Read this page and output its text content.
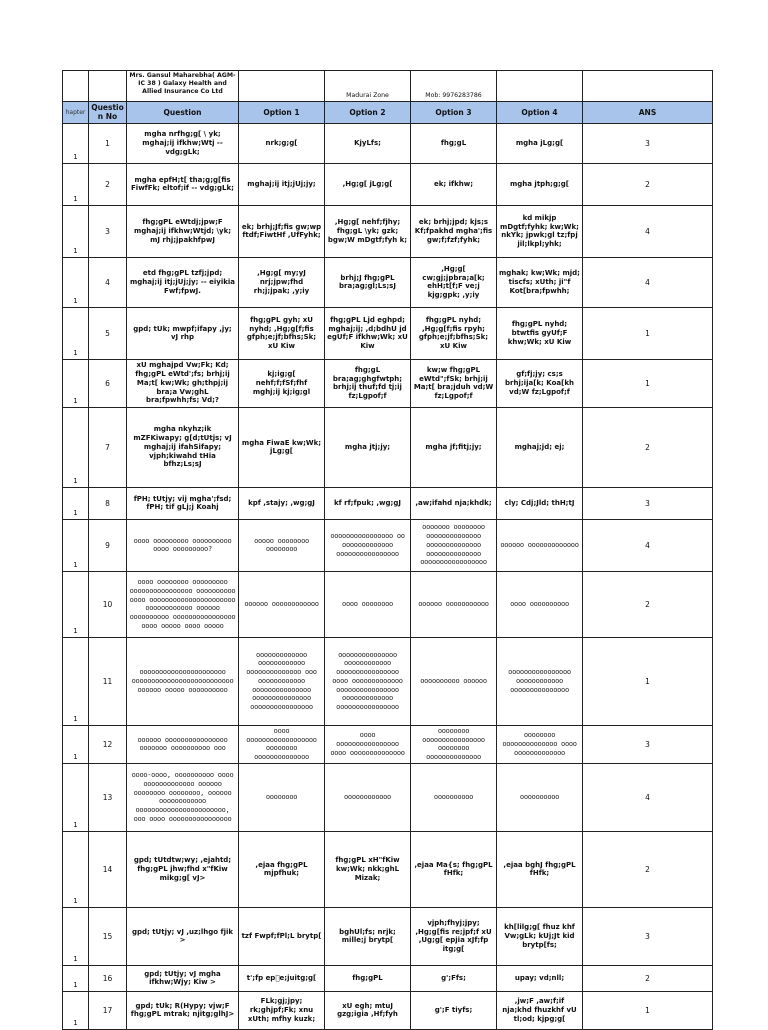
		Mrs. Gansul Maharebha( AGM-IC 38 ) Galaxy Health and Allied Insurance Co Ltd		Madurai Zone	Mob: 9976283786		
hapter	Question No	Question	Option 1	Option 2	Option 3	Option 4	ANS
1	1	mgha nrfhg;g[ \ yk; mghaj;ij ifkhw;Wtj -- vdg;gLk;	nrk;g;g[	KjyLfs;	fhg;gL	mgha jLg;g[	3
1	2	mgha epfH;t[ tha;g;g[fis FiwfFk; eltof;if -- vdg;gLk;	mghaj;ij itj;jUj;jy;	,Hg;g[ jLg;g[	ek; ifkhw;	mgha jtph;g;g[	2
1	3	fhg;gPL eWtdj;jpw;F mghaj;ij ifkhw;Wtjd; \yk; mJ rhj;jpakhfpwJ	ek; brhj;Jf;fis gw;wp ftdf;FiwtHf ,UfFyhk;	,Hg;g[ nehf;fjhy; fhg;gL \yk; gzk; bgw;W mDgtf;fyh k;	ek; brhj;jpd; kjs;s Kf;fpakhd mgha';fis gw;f;fzf;fyhk;	kd mikjp mDgtf;fyhk; kw;Wk; nkYk; jpwk;gl tz;fpj jil;lkpl;yhk;	4
1	4	etd fhg;gPL tzfj;jpd; mghaj;ij itj;jUj;jy; -- eiyikia Fwf;fpwJ.	,Hg;g[ my;yJ nrj;jpw;fhd rh;j;jpak; ,y;iy	brhj;J fhg;gPL bra;ag;gl;Ls;sJ	,Hg;g[ cw;gj;jpbra;a[k; ehH;t[f;F ve;j kjg;gpk; ,y;iy	mghak; kw;Wk; mjd; tiscfs; xUth; ji"f Kot[bra;fpwhh;	4
1	5	gpd; tUk; mwpf;ifapy ,jy; vJ rhp	fhg;gPL gyh; xU nyhd; ,Hg;g[f;fis gfph;e;jf;bfhs;Sk; xU Kiw	fhg;gPL Ljd eghpd; mghaj;ij; ,d;bdhU jd egUf;F ifkhw;Wk; xU Kiw	fhg;gPL nyhd; ,Hg;g[f;fis rpyh; gfph;e;jf;bfhs;Sk; xU Kiw	fhg;gPL nyhd; btwtfis gyUf;F khw;Wk; xU Kiw	1
1	6	xU mghajpd Vw;Fk; Kd; fhg;gPL eWtd';fs; brhj;ij Ma;t[ kw;Wk; gh;thpj;ij bra;a Vw;ghL bra;fpwhh;fs; Vd;?	kj;ig;g[ nehf;f;fSf;fhf mghj;ij kj;ig;gl	fhg;gL bra;ag;ghgfwtph; brhj;ij thuf;fd tj;ij fz;Lgpof;f	kw;w fhg;gPL eWtd";fSk; brhj;ij Ma;t[ bra;jduh vd;W fz;Lgpof;f	gf;fj;jy; cs;s brhj;ija[k; Koa[kh vd;W fz;Lgpof;f	1
1	7	mgha nkyhz;ik mZFKiwapy; g[d;tUtjs; vJ mghaj;ij ifahSifapy; vjph;kiwahd tHia bfhz;Ls;sJ	mgha FiwaE kw;Wk; jLg;g[	mgha jtj;jy;	mgha jf;fitj;jy;	mghaj;jd; ej;	2
1	8	fPH; tUtjy; vij mgha';fsd; fPH; tif gLj;j Koahj	kpf ,stajy; ,wg;gJ	kf rf;fpuk; ,wg;gJ	,aw;ifahd nja;khdk;	cly; Cdj;Jld; thH;tJ	3
1	9	oooo ooooooooo oooooooooo oooo ooooooooo?	ooooo oooooooo oooooooo	oooooooooooooooo oo ooooooooooooo oooooooooooooooo	ooooooo oooooooo oooooooooooooo oooooooooooooo oooooooooooooo ooooooooooooooooo	oooooo ooooooooooooo	4
1	10	oooo oooooooo ooooooooo oooooooooooooooo oooooooooo oooo oooooooooooooooooooooo oooooooooooo oooooo oooooooooo oooooooooooooooo oooo ooooo oooo ooooo	oooooo oooooooooooo	oooo oooooooo	oooooo ooooooooooo	oooo oooooooooo	2
1	11	oooooooooooooooooooooo oooooooooooooooooooooooooo oooooo ooooo oooooooooo	ooooooooooooo oooooooooooo oooooooooooooo ooo oooooooooooo ooooooooooooooo ooooooooooooooo oooooooooooooooo	ooooooooooooooo oooooooooooo oooooooooooooooo oooo ooooooooooooo oooooooooooooooo ooooooooooooo oooooooooooooooo	oooooooooo oooooo	oooooooooooooooo oooooooooooo ooooooooooooooo	1
1	12	oooooo oooooooooooooooo ooooooo oooooooooo ooo	oooo oooooooooooooooooo oooooooo oooooooooooooo	oooo oooooooooooooooo oooo oooooooooooooo	oooooooo oooooooooooooooo oooooooo oooooooooooooo	oooooooo oooooooooooooo oooo ooooooooooooo	3
1	13	oooo-oooo, oooooooooo oooo ooooooooooooo oooooo oooooooo oooooooo, oooooo oooooooooooo ooooooooooooooooooooooo, ooo oooo oooooooooooooooo	oooooooo	oooooooooooo	oooooooooo	oooooooooo	4
1	14	gpd; tUtdtw;wy; ,ejahtd; fhg;gPL jhw;fhd x"fKiw mikg;g[ vJ>	,ejaa fhg;gPL mjpfhuk;	fhg;gPL xH"fKiw kw;Wk; nkk;ghL Mizak;	,ejaa Ma{s; fhg;gPL fHfk;	,ejaa bghJ fhg;gPL fHfk;	2
1	15	gpd; tUtjy; vJ ,uz;lhgo fjik >	tzf Fwpf;fPl;L brytp[	bghUl;fs; nrjk; mille;j brytp[	vjph;fhyj;jpy; ,Hg;g[fis re;jpf;f xU ,Ug;g[ epjia xJf;fp itg;g[	kh[lilg;g[ fhuz khf Vw;gLk; kUj;Jt kid brytp[fs;	3
1	16	gpd; tUtjy; vJ mgha ifkhw;Wjy; Kiw >	t';fp ep e;juitg;g[	fhg;gPL	g';Ffs;	upay; vd;nll;	2
1	17	gpd; tUk; R(Hypy; vjw;F fhg;gPL mtrak; njitg;glhJ>	FLk;gj;jpy; rk;ghjpf;Fk; xnu xUth; mfhy kuzk;	xU egh; mtuJ gzg;igia ,Hf;fyh	g';F tiyfs;	,jw;F ,aw;f;if nja;khd fhuzkhf vU tl;od; kjpg;g[	1
